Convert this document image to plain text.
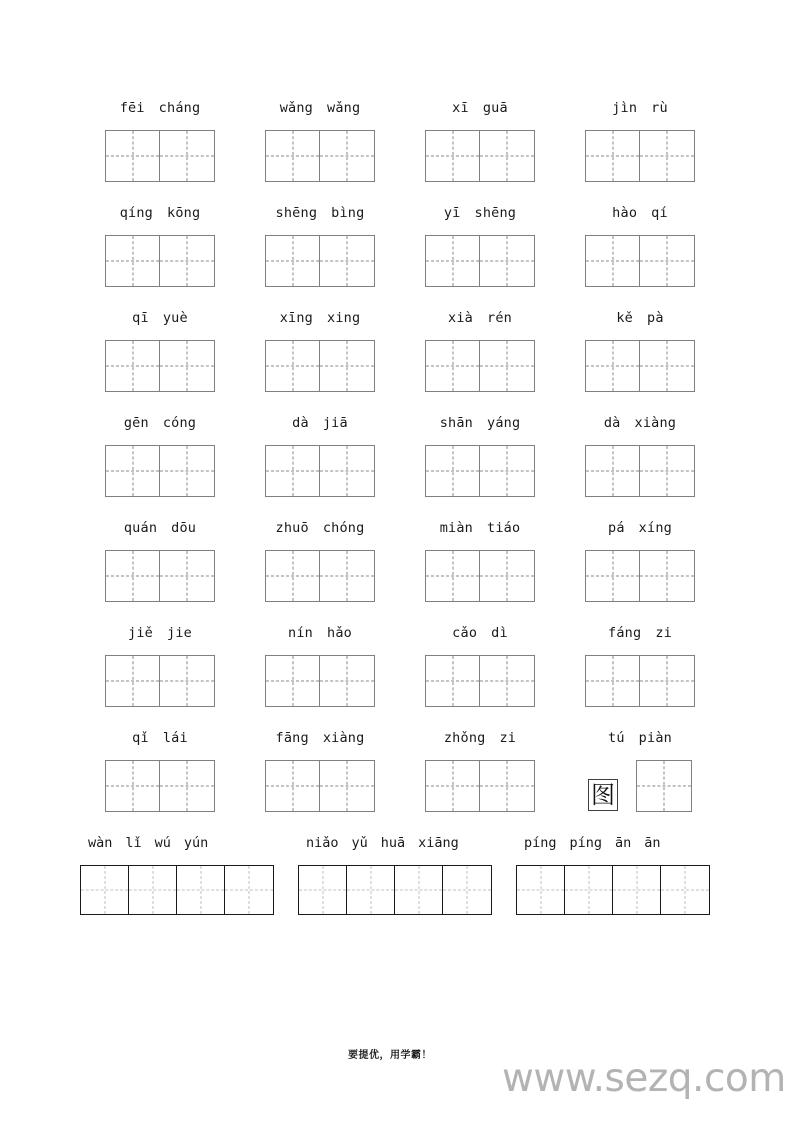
fēi cháng	wǎng wǎng	xī guā	jìn rù
qíng kōng	shēng bìng	yī shēng	hào qí
qī yuè	xīng xing	xià rén	kě pà
gēn cóng	dà jiā	shān yáng	dà xiàng
quán dōu	zhuō chóng	miàn tiáo	pá xíng
jiě jie	nín hǎo	cǎo dì	fáng zi
qǐ lái	fāng xiàng	zhǒng zi	tú piàn
图
wàn lǐ wú yún	niǎo yǔ huā xiāng	píng píng ān ān
要提优，用学霸！
www.sezq.com
